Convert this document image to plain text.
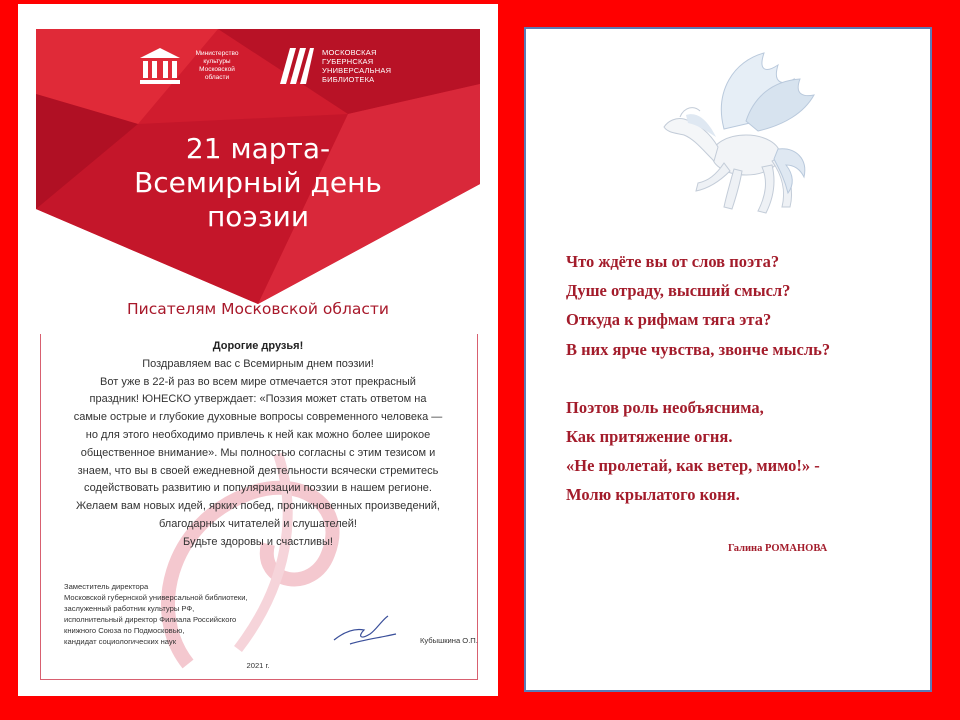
Министерство культуры Московской области
МОСКОВСКАЯ
ГУБЕРНСКАЯ
УНИВЕРСАЛЬНАЯ
БИБЛИОТЕКА
21 марта-
Всемирный день
поэзии
Писателям Московской области
Дорогие друзья!
Поздравляем вас с Всемирным днем поэзии!
Вот уже в 22-й раз во всем мире отмечается этот прекрасный
праздник! ЮНЕСКО утверждает: «Поэзия может стать ответом на
самые острые и глубокие духовные вопросы современного человека —
но для этого необходимо привлечь к ней как можно более широкое
общественное внимание». Мы полностью согласны с этим тезисом и
знаем, что вы в своей ежедневной деятельности всячески стремитесь
содействовать развитию и популяризации поэзии в нашем регионе.
Желаем вам новых идей, ярких побед, проникновенных произведений,
благодарных читателей и слушателей!
Будьте здоровы и счастливы!
Заместитель директора
Московской губернской универсальной библиотеки,
заслуженный работник культуры РФ,
исполнительный директор Филиала Российского
книжного Союза по Подмосковью,
кандидат социологических наук	Кубышкина О.П.
2021 г.
Что ждёте вы от слов поэта?
Душе отраду, высший смысл?
Откуда к рифмам тяга эта?
В них ярче чувства, звонче мысль?
Поэтов роль необъяснима,
Как притяжение огня.
«Не пролетай, как ветер, мимо!» -
Молю крылатого коня.
Галина РОМАНОВА
